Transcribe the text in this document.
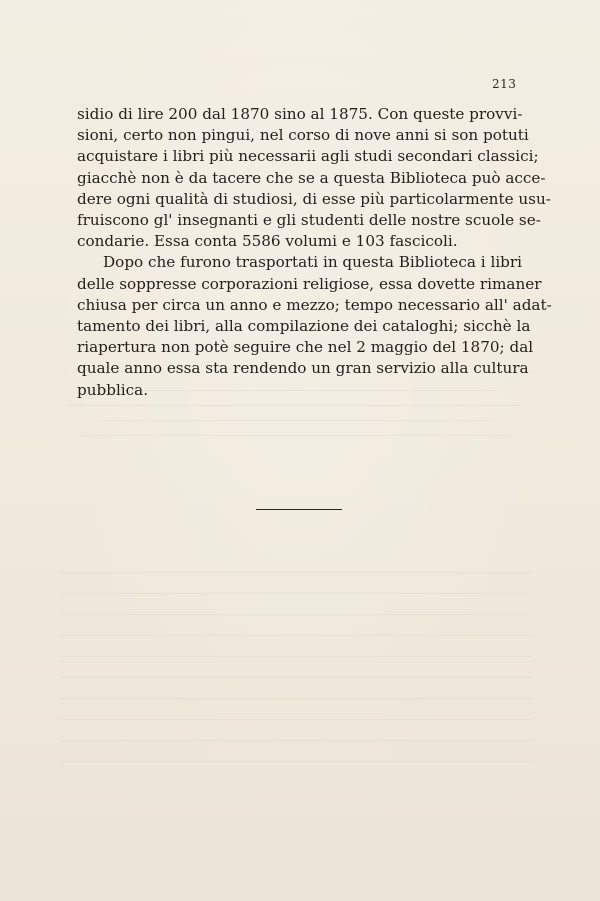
213
sidio di lire 200 dal 1870 sino al 1875. Con queste provvi-
sioni, certo non pingui, nel corso di nove anni si son potuti
acquistare i libri più necessarii agli studi secondari classici;
giacchè non è da tacere che se a questa Biblioteca può acce-
dere ogni qualità di studiosi, di esse più particolarmente usu-
fruiscono gl' insegnanti e gli studenti delle nostre scuole se-
condarie. Essa conta 5586 volumi e 103 fascicoli.
Dopo che furono trasportati in questa Biblioteca i libri
delle soppresse corporazioni religiose, essa dovette rimaner
chiusa per circa un anno e mezzo; tempo necessario all' adat-
tamento dei libri, alla compilazione dei cataloghi; sicchè la
riapertura non potè seguire che nel 2 maggio del 1870; dal
quale anno essa sta rendendo un gran servizio alla cultura
pubblica.
